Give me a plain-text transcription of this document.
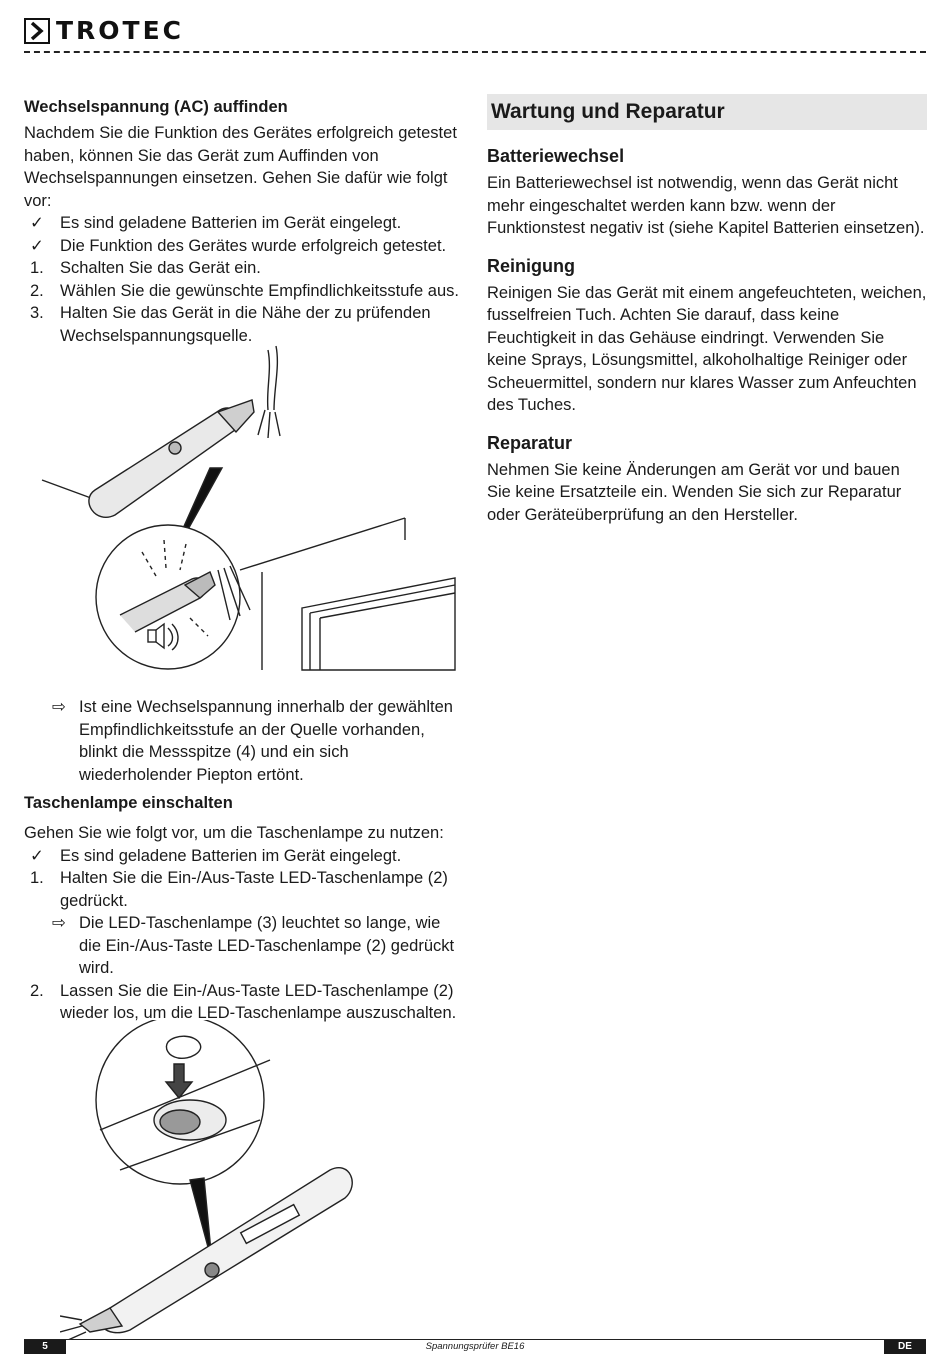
TROTEC
Wechselspannung (AC) auffinden

Nachdem Sie die Funktion des Gerätes erfolgreich getestet haben, können Sie das Gerät zum Auffinden von Wechselspannungen einsetzen. Gehen Sie dafür wie folgt vor:

✓ Es sind geladene Batterien im Gerät eingelegt.
✓ Die Funktion des Gerätes wurde erfolgreich getestet.
1. Schalten Sie das Gerät ein.
2. Wählen Sie die gewünschte Empfindlichkeitsstufe aus.
3. Halten Sie das Gerät in die Nähe der zu prüfenden Wechselspannungsquelle.
⇨ Ist eine Wechselspannung innerhalb der gewählten Empfindlichkeitsstufe an der Quelle vorhanden, blinkt die Messspitze (4) und ein sich wiederholender Piepton ertönt.
Taschenlampe einschalten

Gehen Sie wie folgt vor, um die Taschenlampe zu nutzen:

✓ Es sind geladene Batterien im Gerät eingelegt.
1. Halten Sie die Ein-/Aus-Taste LED-Taschenlampe (2) gedrückt.
⇨ Die LED-Taschenlampe (3) leuchtet so lange, wie die Ein-/Aus-Taste LED-Taschenlampe (2) gedrückt wird.
2. Lassen Sie die Ein-/Aus-Taste LED-Taschenlampe (2) wieder los, um die LED-Taschenlampe auszuschalten.
Wartung und Reparatur
Batteriewechsel

Ein Batteriewechsel ist notwendig, wenn das Gerät nicht mehr eingeschaltet werden kann bzw. wenn der Funktionstest negativ ist (siehe Kapitel Batterien einsetzen).

Reinigung

Reinigen Sie das Gerät mit einem angefeuchteten, weichen, fusselfreien Tuch. Achten Sie darauf, dass keine Feuchtigkeit in das Gehäuse eindringt. Verwenden Sie keine Sprays, Lösungsmittel, alkoholhaltige Reiniger oder Scheuermittel, sondern nur klares Wasser zum Anfeuchten des Tuches.

Reparatur

Nehmen Sie keine Änderungen am Gerät vor und bauen Sie keine Ersatzteile ein. Wenden Sie sich zur Reparatur oder Geräteüberprüfung an den Hersteller.

5	Spannungsprüfer BE16	DE
